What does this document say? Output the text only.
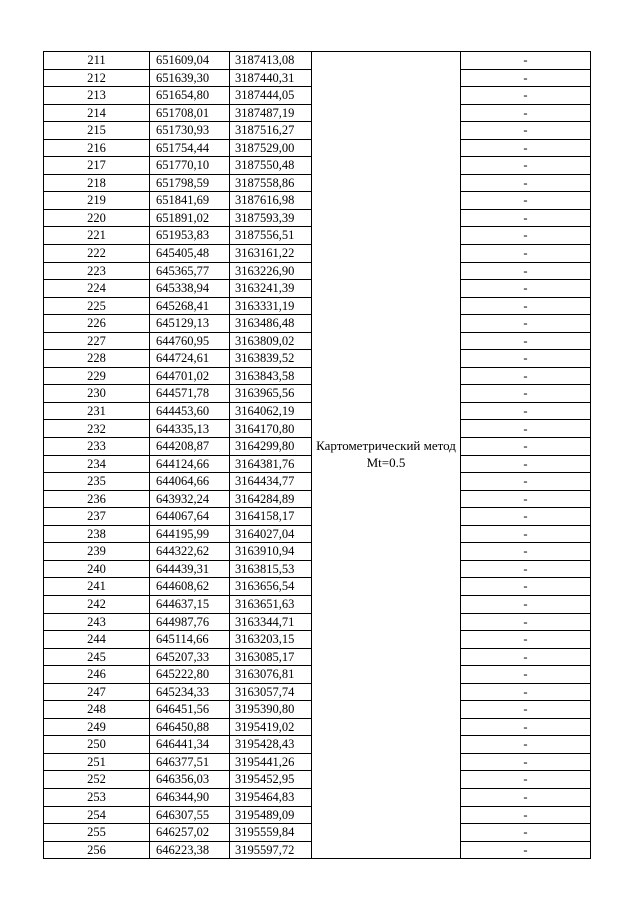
211	651609,04	3187413,08	Картометрический метод Mt=0.5	-
212	651639,30	3187440,31		-
213	651654,80	3187444,05		-
214	651708,01	3187487,19		-
215	651730,93	3187516,27		-
216	651754,44	3187529,00		-
217	651770,10	3187550,48		-
218	651798,59	3187558,86		-
219	651841,69	3187616,98		-
220	651891,02	3187593,39		-
221	651953,83	3187556,51		-
222	645405,48	3163161,22		-
223	645365,77	3163226,90		-
224	645338,94	3163241,39		-
225	645268,41	3163331,19		-
226	645129,13	3163486,48		-
227	644760,95	3163809,02		-
228	644724,61	3163839,52		-
229	644701,02	3163843,58		-
230	644571,78	3163965,56		-
231	644453,60	3164062,19		-
232	644335,13	3164170,80		-
233	644208,87	3164299,80		-
234	644124,66	3164381,76		-
235	644064,66	3164434,77		-
236	643932,24	3164284,89		-
237	644067,64	3164158,17		-
238	644195,99	3164027,04		-
239	644322,62	3163910,94		-
240	644439,31	3163815,53		-
241	644608,62	3163656,54		-
242	644637,15	3163651,63		-
243	644987,76	3163344,71		-
244	645114,66	3163203,15		-
245	645207,33	3163085,17		-
246	645222,80	3163076,81		-
247	645234,33	3163057,74		-
248	646451,56	3195390,80		-
249	646450,88	3195419,02		-
250	646441,34	3195428,43		-
251	646377,51	3195441,26		-
252	646356,03	3195452,95		-
253	646344,90	3195464,83		-
254	646307,55	3195489,09		-
255	646257,02	3195559,84		-
256	646223,38	3195597,72		-
